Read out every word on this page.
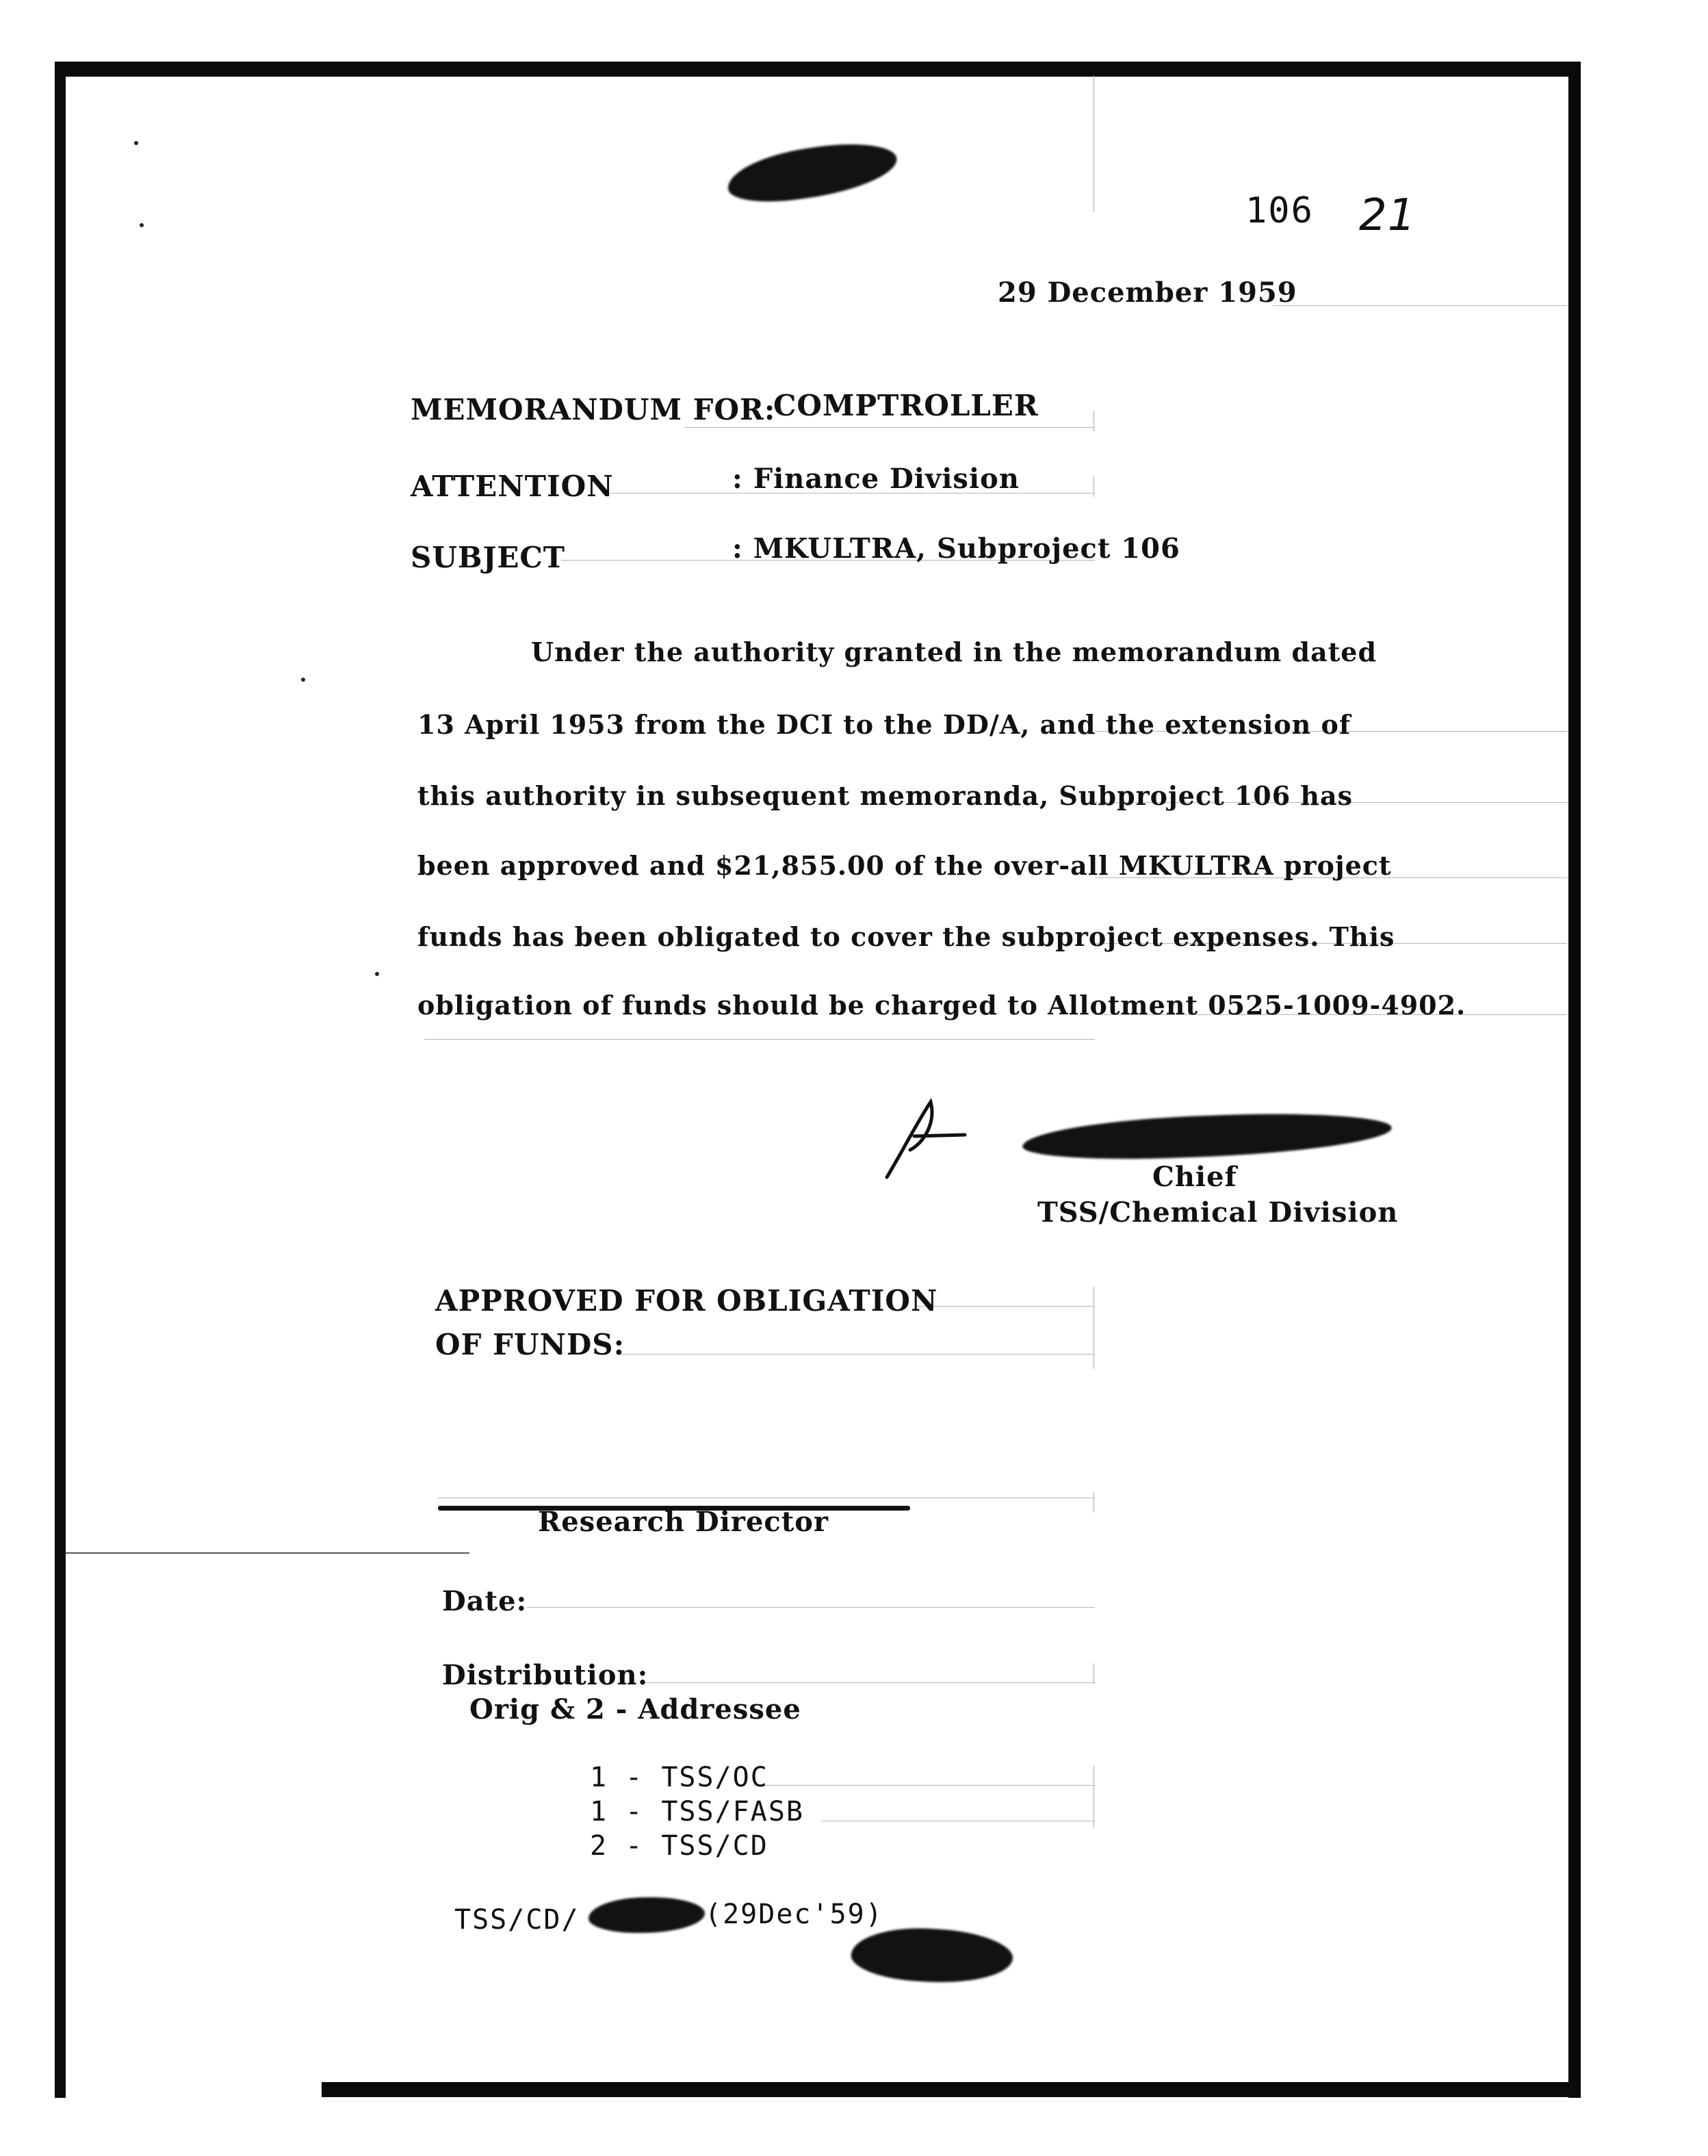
106 21
29 December 1959
MEMORANDUM FOR:
COMPTROLLER
ATTENTION	: Finance Division
SUBJECT	: MKULTRA, Subproject 106
Under the authority granted in the memorandum dated
13 April 1953 from the DCI to the DD/A, and the extension of
this authority in subsequent memoranda, Subproject 106 has
been approved and $21,855.00 of the over-all MKULTRA project
funds has been obligated to cover the subproject expenses. This
obligation of funds should be charged to Allotment 0525-1009-4902.
Chief
TSS/Chemical Division
APPROVED FOR OBLIGATION
OF FUNDS:
Research Director
Date:
Distribution:
Orig & 2 - Addressee
1 - TSS/OC
1 - TSS/FASB
2 - TSS/CD
TSS/CD/	(29Dec'59)
